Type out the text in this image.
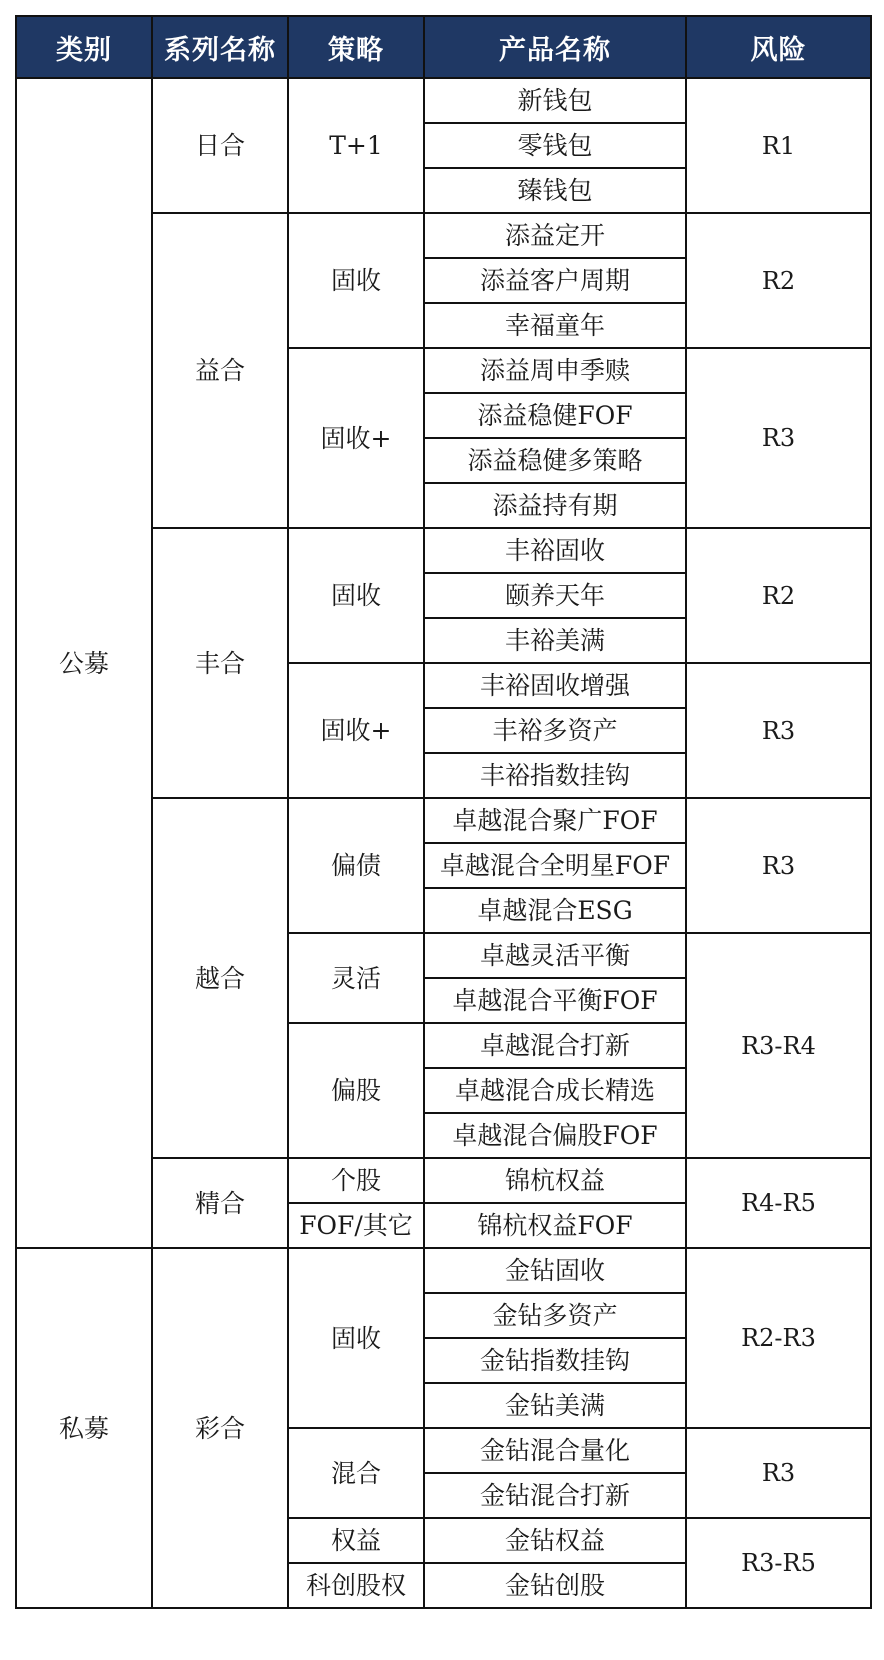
类别	系列名称	策略	产品名称	风险
公募	日合	T+1	新钱包	R1
			零钱包	
			臻钱包	
	益合	固收	添益定开	R2
			添益客户周期	
			幸福童年	
		固收+	添益周申季赎	R3
			添益稳健FOF	
			添益稳健多策略	
			添益持有期	
	丰合	固收	丰裕固收	R2
			颐养天年	
			丰裕美满	
		固收+	丰裕固收增强	R3
			丰裕多资产	
			丰裕指数挂钩	
	越合	偏债	卓越混合聚广FOF	R3
			卓越混合全明星FOF	
			卓越混合ESG	
		灵活	卓越灵活平衡	R3-R4
			卓越混合平衡FOF	
		偏股	卓越混合打新	
			卓越混合成长精选	
			卓越混合偏股FOF	
	精合	个股	锦杭权益	R4-R5
		FOF/其它	锦杭权益FOF	
私募	彩合	固收	金钻固收	R2-R3
			金钻多资产	
			金钻指数挂钩	
			金钻美满	
		混合	金钻混合量化	R3
			金钻混合打新	
		权益	金钻权益	R3-R5
		科创股权	金钻创股	
